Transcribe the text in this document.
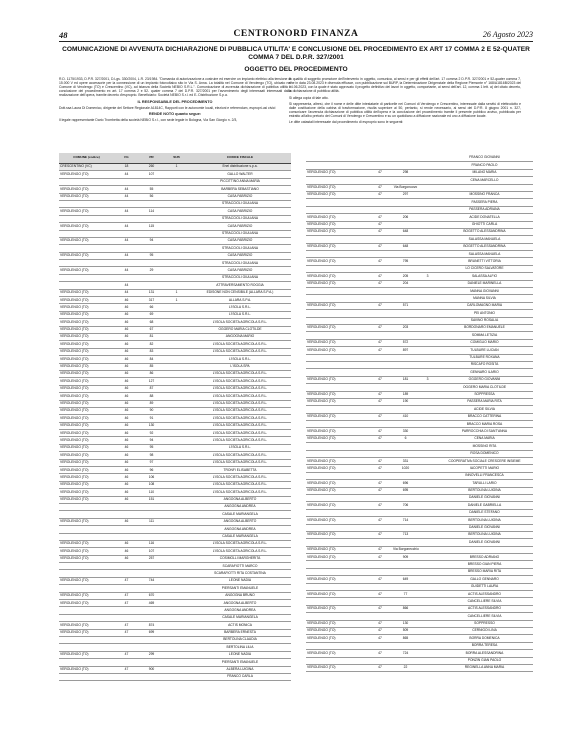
48	CENTRONORD FINANZA	26 Agosto 2023
COMUNICAZIONE DI AVVENUTA DICHIARAZIONE DI PUBBLICA UTILITA' E CONCLUSIONE DEL PROCEDIMENTO EX ART 17 COMMA 2 E 52-QUATER COMMA 7 DEL D.P.R. 327/2001
OGGETTO DEL PROCEDIMENTO

R.D. 1175/1933, D.P.R. 327/2001, D.Lgs. 330/2004, L.R. 23/1984. "Domanda di autorizzazione a costruire ed esercire un impianto elettrico alla tensione di 15.000 V ed opere accessorie per la connessione di un impianto fotovoltaico sito in Via S. Anna. La totalità nel Comune di Verolengo (TO), ubicato nel Comune di Verolengo (TO) e Crescentino (VC), ad istanza della Società NEBIO S.R.L.". Comunicazione di avvenuta dichiarazione di pubblica utilità e conclusione del procedimento ex art. 17 comma 2 e 52- quater comma 7 del D.P.R. 327/2001 per l'avvenimento degli interessati interessati dalla realizzazione dell'opera, tramite decreto d'esproprio. Beneficiario: Società NEBIO S.r.l. ed E- Distribuzione S.p.a.

IL RESPONSABILE DEL PROCEDIMENTO

Dott.ssa Laura Di Domenico, dirigente del Settore Regionale A1814C, Rapporti con le autonomie locali, elezioni e referendum, espropri-usi civici

RENDE NOTO quanto segue:

Il legale rappresentante Dario Trombetta della società NEBIO S.r.l., con sede legale in Bologna, Via San Giorgio n. 2/3,

in qualità di soggetto promotore dell'intervento in oggetto, comunica, ai sensi e per gli effetti dell'art. 17 comma 2 D.P.R. 327/2001 e 52-quater comma 7, che in data 23.08.2023 è divenuta efficace, con pubblicazione sul BURP, la Determinazione Dirigenziale della Regione Piemonte n° 168/A1816B/2023 del 14.06.2023, con la quale è stato approvato il progetto definitivo dei lavori in oggetto, comportante, ai sensi dell'art. 12, comma 1 lett. a) del citato decreto, la dichiarazione di pubblica utilità.

Si allega copia di tale atto.

Si rappresenta, altresì, che il nome e delle ditte intestatarie di particelle nei Comuni di Verolengo e Crescentino, interessate dalla servitù di elettrodotto e dalle costituzione della cabina di trasformazione, risulta superiore ai 50, pertanto, si rende necessario, ai sensi del D.P.R. 8 giugno 2001 n. 327, comunicare l'avvenuta dichiarazione di pubblica utilità dell'opera e la conclusione del procedimento tramite il presente pubblico avviso, pubblicata per estratto all'albo pretorio dei Comuni di Verolengo e Crescentino e su un quotidiano a diffusione nazionale ed uno a diffusione locale.

Le ditte catastali interessate dal procedimento di esproprio sono le seguenti:

COMUNE (codice)	FG	PR	SUB	CODICE FISCALE
CRESCENTINO (VC)	18	260	1	Enel distribuzione s.p.a.
VEROLENGO (TO)	44	107		GALLO WALTER
				PICCITTINO ANNA MARIA
VEROLENGO (TO)	44	55		BARBERA SEBASTIANO
VEROLENGO (TO)	44	56		CASA FABRIZIO
				STRACCIOLI GIULIANA
VEROLENGO (TO)	44	114		CASA FABRIZIO
				STRACCIOLI GIULIANA
VEROLENGO (TO)	44	115		CASA FABRIZIO
				STRACCIOLI GIULIANA
VEROLENGO (TO)	44	94		CASA FABRIZIO
				STRACCIOLI GIULIANA
VEROLENGO (TO)	44	95		CASA FABRIZIO
				STRACCIOLI GIULIANA
VEROLENGO (TO)	44	29		CASA FABRIZIO
				STRACCIOLI GIULIANA
	44			ATTRAVERSAMENTO ROGGIA
VEROLENGO (TO)	44	131	1	EDISONE NON CENSIBILE (ALLARA S.P.A.)
VEROLENGO (TO)	46	317	1	ALLARA S.P.A.
VEROLENGO (TO)	46	66		L'ISOLA S.R.L.
VEROLENGO (TO)	46	69		L'ISOLA S.R.L.
VEROLENGO (TO)	46	68		L'ISOLA SOCIETA AGRICOLA S.R.L.
VEROLENGO (TO)	46	67		OGGERO MARIA CLOTILDE
VEROLENGO (TO)	46	81		ANGOGNA MARIO
VEROLENGO (TO)	46	82		L'ISOLA SOCIETA AGRICOLA S.R.L.
VEROLENGO (TO)	46	83		L'ISOLA SOCIETA AGRICOLA S.R.L.
VEROLENGO (TO)	46	84		L'ISOLA S.R.L.
VEROLENGO (TO)	46	85		L'ISOLA SPA
VEROLENGO (TO)	46	86		L'ISOLA SOCIETA AGRICOLA S.R.L.
VEROLENGO (TO)	46	127		L'ISOLA SOCIETA AGRICOLA S.R.L.
VEROLENGO (TO)	46	87		L'ISOLA SOCIETA AGRICOLA S.R.L.
VEROLENGO (TO)	46	88		L'ISOLA SOCIETA AGRICOLA S.R.L.
VEROLENGO (TO)	46	89		L'ISOLA SOCIETA AGRICOLA S.R.L.
VEROLENGO (TO)	46	90		L'ISOLA SOCIETA AGRICOLA S.R.L.
VEROLENGO (TO)	46	91		L'ISOLA SOCIETA AGRICOLA S.R.L.
VEROLENGO (TO)	46	130		L'ISOLA SOCIETA AGRICOLA S.R.L.
VEROLENGO (TO)	46	92		L'ISOLA SOCIETA AGRICOLA S.R.L.
VEROLENGO (TO)	46	94		L'ISOLA SOCIETA AGRICOLA S.R.L.
VEROLENGO (TO)	46	95		L'ISOLA S.R.L.
VEROLENGO (TO)	46	98		L'ISOLA SOCIETA AGRICOLA S.R.L.
VEROLENGO (TO)	46	97		L'ISOLA SOCIETA AGRICOLA S.R.L.
VEROLENGO (TO)	46	96		TRONFI ELISABETTA
VEROLENGO (TO)	46	106		L'ISOLA SOCIETA AGRICOLA S.R.L.
VEROLENGO (TO)	46	108		L'ISOLA SOCIETA AGRICOLA S.R.L.
VEROLENGO (TO)	46	110		L'ISOLA SOCIETA AGRICOLA S.R.L.
VEROLENGO (TO)	46	151		ANGOGNA ALBERTO
				ANGOGNA ANDREA
				CASALE MARIANGELA
VEROLENGO (TO)	46	111		ANGOGNA ALBERTO
				ANGOGNA ANDREA
				CASALE MARIANGELA
VEROLENGO (TO)	46	116		L'ISOLA SOCIETA AGRICOLA S.R.L.
VEROLENGO (TO)	46	107		L'ISOLA SOCIETA AGRICOLA S.R.L.
VEROLENGO (TO)	46	257		COSIMOLLI MARGHERITA
				SCARAFIOTTI MARCO
				SCARAFIOTTI RITA COSTANTINA
VEROLENGO (TO)	47	744		LEONE NADIA
				PIERSANTI EMANUELE
VEROLENGO (TO)	47	670		ANGOGNA BRUNO
VEROLENGO (TO)	47	469		ANGOGNA ALBERTO
				ANGOGNA ANDREA
				CASALE MARIANGELA
VEROLENGO (TO)	47	874		ACTIS MONICA
VEROLENGO (TO)	47	699		BARBERA ERNESTA
				BERTOLINA CLAUDIA
				BERTOLINA LILIA
VEROLENGO (TO)	47	299		LEONE NADIA
				PIERSANTI EMANUELE
VEROLENGO (TO)	47	900		ALBERA LUIGINA
				FRANCO CARLA
				FRANCO GIOVANNI
				FRANCO PAOLO
VEROLENGO (TO)	47	298		MILANO MARIA
				CENA MARCELLO
VEROLENGO (TO)	47	Via Borgonuovo		
VEROLENGO (TO)	47	297		MOSSINO FRANCA
				PASSERA PIERA
				PASSERA ADRIANA
VEROLENGO (TO)	47	206		ACIDE DONATELLA
VEROLENGO (TO)	47			GHIOTTI CARLA
VEROLENGO (TO)	47	648		BOGETTO ALESSANDRINA
				SALASSA MANUELA
VEROLENGO (TO)	47	648		BOGETTO ALESSANDRINA
				SALASSA MANUELA
VEROLENGO (TO)	47	795		BRUNETTI VITTORIA
				LO CICERO SALVATORE
VEROLENGO (TO)	47	205	3	SALASSA ALFIO
VEROLENGO (TO)	47	204		DANIELE MARINELLA
				MANNA GIOVANNI
				MANNA SILVIA
VEROLENGO (TO)	47	571		CARLOMAGNO MARIA
				PEI ANTONIO
				SAVINO ROSALIA
VEROLENGO (TO)	47	203		BORDONARO EMANUELE
				SOMMA LETIZIA
VEROLENGO (TO)	47	572		COMIGLIO MARIO
VEROLENGO (TO)	47	897		TULBURE LUCIAN
				TULBURE ROXANA
				RISCAFO ROSITA
				GENNARO ILARIO
VEROLENGO (TO)	47	181	3	OGGERO GIOVANNI
				OGGERO MARIA CLOTILDE
VEROLENGO (TO)	47	189		SOPPRESSA
VEROLENGO (TO)	47	190		PASSERA MARIA RITA
				ACIDE SILVIA
VEROLENGO (TO)	47	410		BRACCO CATTERINA
				BRACCO MARIA ROSA
VEROLENGO (TO)	47	330		PARROCCHIA DI SANT'ANNA
VEROLENGO (TO)	47	6		CENA MARIA
				MOSSINO RITA
				ROSA DOMENICO
VEROLENGO (TO)	47	331		COOPERATIVA SOCIALE CRESCERE INSIEME
VEROLENGO (TO)	47	1020		IACOPETTI MARIO
				INNOVELLI FRANCESCA
VEROLENGO (TO)	47	696		TARULLI LARIO
VEROLENGO (TO)	47	695		BERTOLINA LUIGINA
				DANIELE GIOVANNI
VEROLENGO (TO)	47	706		DANIELE GABRIELLA
				DANIELE STEFANO
VEROLENGO (TO)	47	714		BERTOLINA LUIGINA
				DANIELE GIOVANNI
VEROLENGO (TO)	47	713		BERTOLINA LUIGINA
				DANIELE GIOVANNI
VEROLENGO (TO)	47	Via Borgonecchio		
VEROLENGO (TO)	47	909		BRESSO ADRIANO
				BRESSO GIAN PIERA
				BRESSO MARIA RITA
VEROLENGO (TO)	47	649		GALLO GENNARO
				GUIDETTI LAURA
VEROLENGO (TO)	47	77		ACTIS ALESSANDRO
				CANCELLIERE SILVIA
VEROLENGO (TO)	47	866		ACTIS ALESSANDRO
				CANCELLIERE SILVIA
VEROLENGO (TO)	47	130		SOPPRESSO
VEROLENGO (TO)	47	509		CERNIGOI LINA
VEROLENGO (TO)	47	865		BORRA DOMENICA
				BORRA TERESA
VEROLENGO (TO)	47	724		BORRA ALESSANDRINA
				PONZIN GIAN PAOLO
VEROLENGO (TO)	47	22		REGINELLA ANNA MARIA
